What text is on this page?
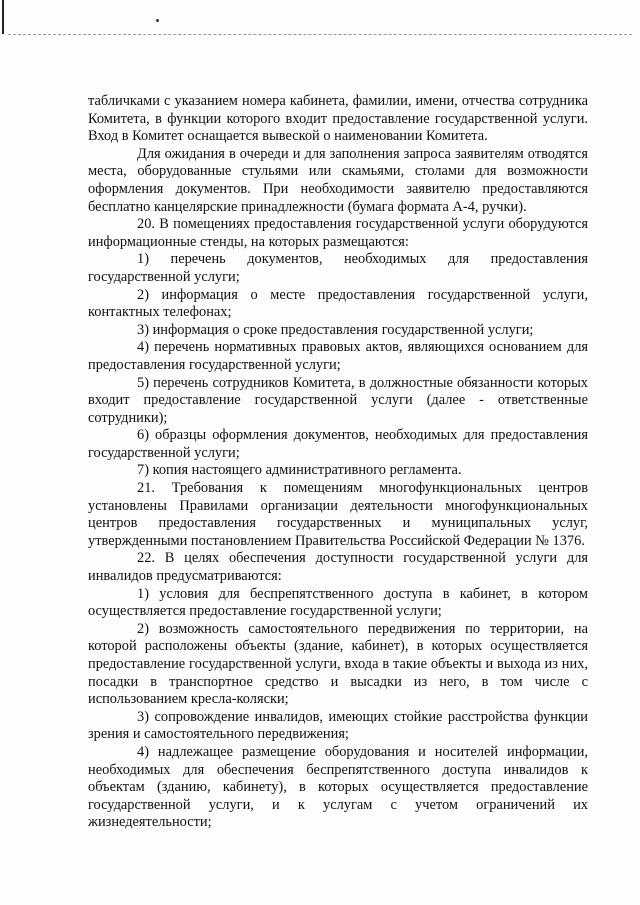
табличками с указанием номера кабинета, фамилии, имени, отчества сотрудника Комитета, в функции которого входит предоставление государственной услуги. Вход в Комитет оснащается вывеской о наименовании Комитета.

Для ожидания в очереди и для заполнения запроса заявителям отводятся места, оборудованные стульями или скамьями, столами для возможности оформления документов. При необходимости заявителю предоставляются бесплатно канцелярские принадлежности (бумага формата А-4, ручки).

20. В помещениях предоставления государственной услуги оборудуются информационные стенды, на которых размещаются:

1) перечень документов, необходимых для предоставления государственной услуги;

2) информация о месте предоставления государственной услуги, контактных телефонах;

3) информация о сроке предоставления государственной услуги;

4) перечень нормативных правовых актов, являющихся основанием для предоставления государственной услуги;

5) перечень сотрудников Комитета, в должностные обязанности которых входит предоставление государственной услуги (далее - ответственные сотрудники);

6) образцы оформления документов, необходимых для предоставления государственной услуги;

7) копия настоящего административного регламента.

21. Требования к помещениям многофункциональных центров установлены Правилами организации деятельности многофункциональных центров предоставления государственных и муниципальных услуг, утвержденными постановлением Правительства Российской Федерации № 1376.

22. В целях обеспечения доступности государственной услуги для инвалидов предусматриваются:

1) условия для беспрепятственного доступа в кабинет, в котором осуществляется предоставление государственной услуги;

2) возможность самостоятельного передвижения по территории, на которой расположены объекты (здание, кабинет), в которых осуществляется предоставление государственной услуги, входа в такие объекты и выхода из них, посадки в транспортное средство и высадки из него, в том числе с использованием кресла-коляски;

3) сопровождение инвалидов, имеющих стойкие расстройства функции зрения и самостоятельного передвижения;

4) надлежащее размещение оборудования и носителей информации, необходимых для обеспечения беспрепятственного доступа инвалидов к объектам (зданию, кабинету), в которых осуществляется предоставление государственной услуги, и к услугам с учетом ограничений их жизнедеятельности;
